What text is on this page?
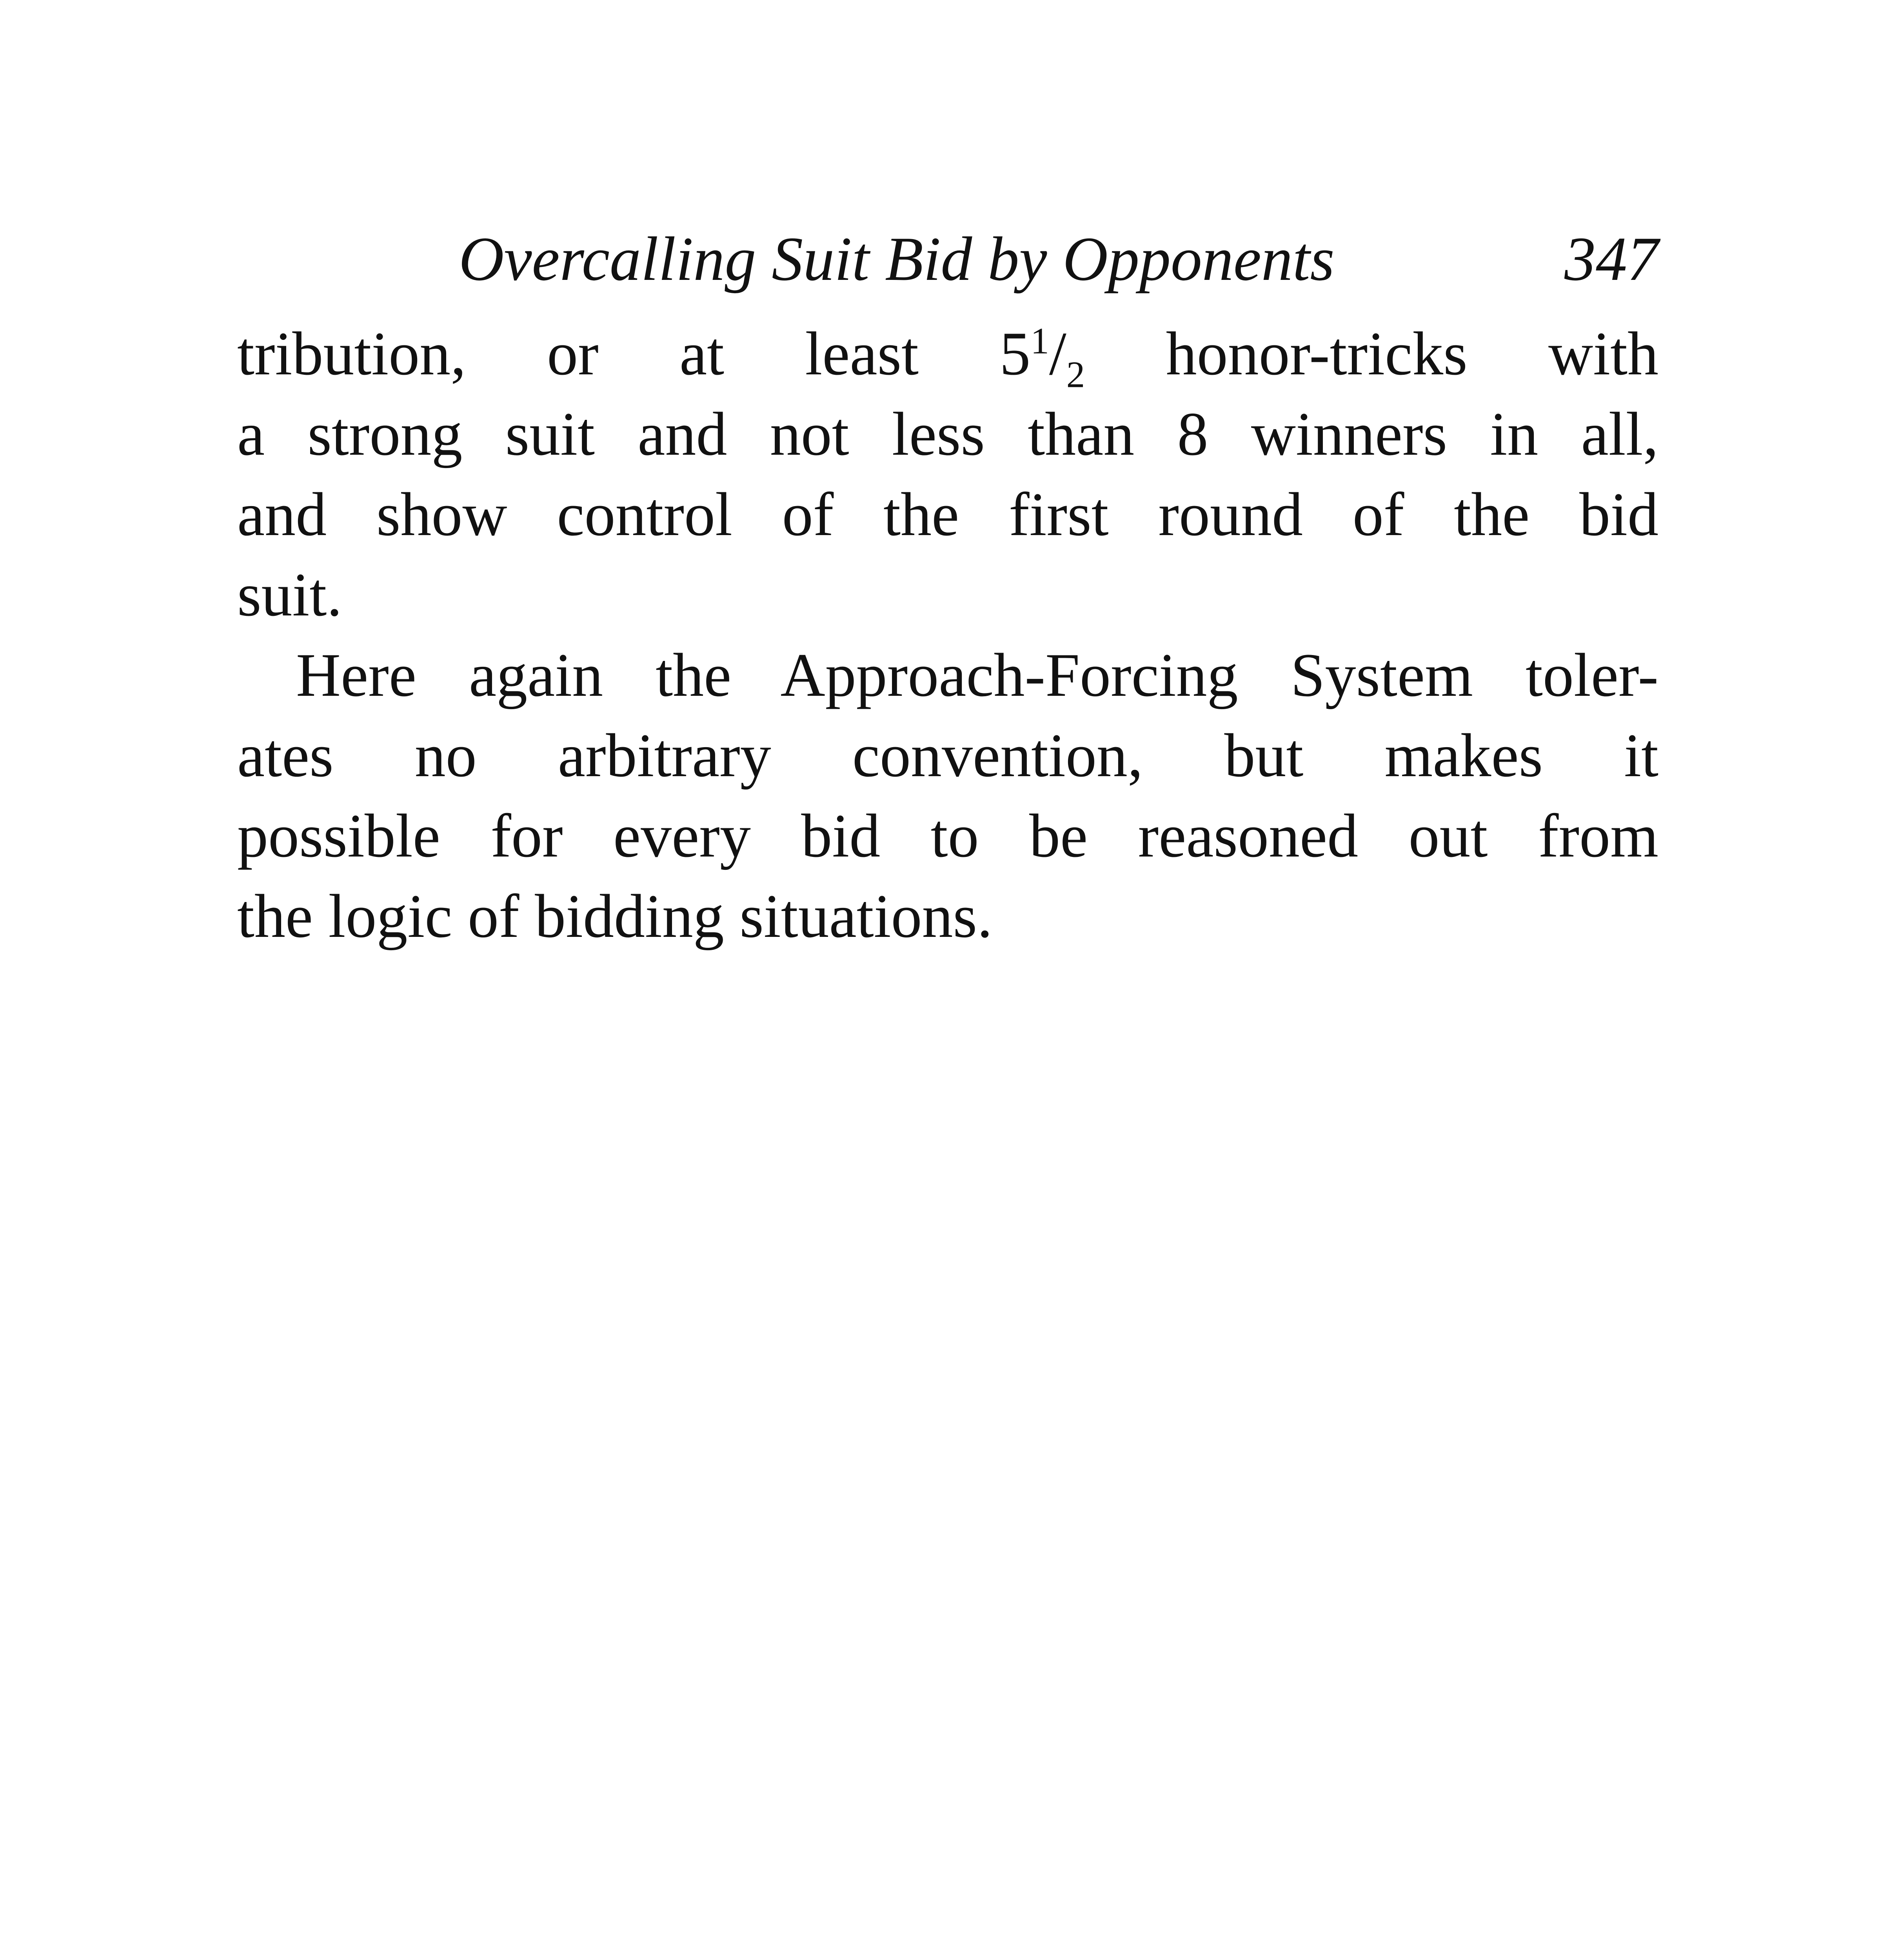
Overcalling Suit Bid by Opponents	347
tribution, or at least $5^1/_2$ honor-tricks with
a strong suit and not less than 8 winners in all,
and show control of the first round of the bid
suit.
Here again the Approach-Forcing System toler-
ates no arbitrary convention, but makes it
possible for every bid to be reasoned out from
the logic of bidding situations.
